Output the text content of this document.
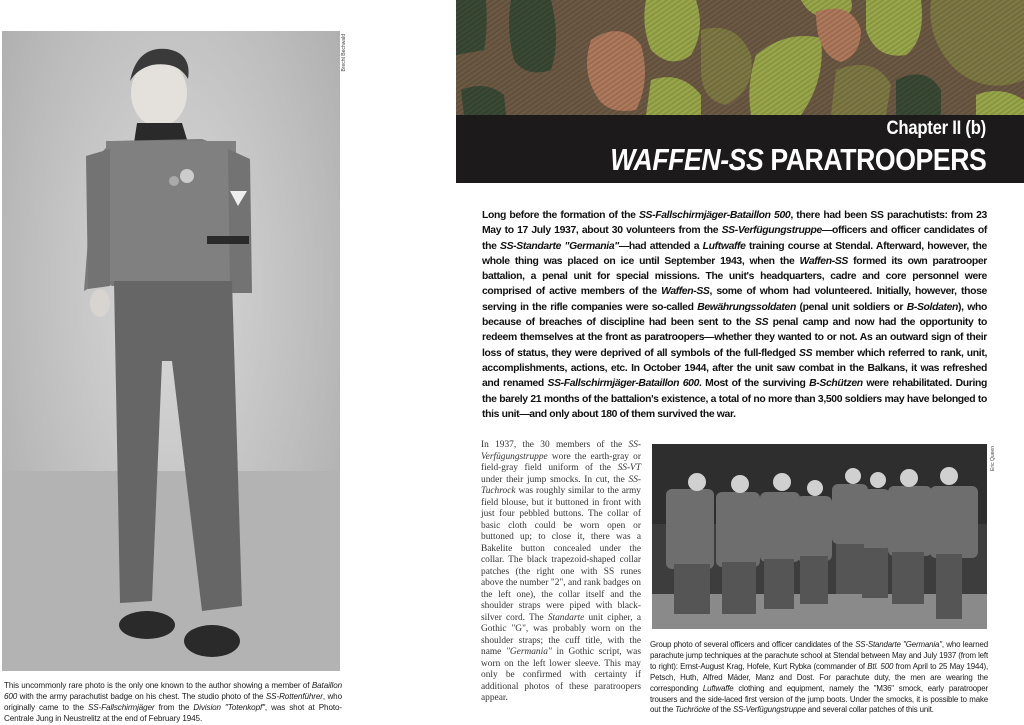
Brecht Bechwald
This uncommonly rare photo is the only one known to the author showing a member of Bataillon 600 with the army parachutist badge on his chest. The studio photo of the SS-Rottenführer, who originally came to the SS-Fallschirmjäger from the Division "Totenkopf", was shot at Photo-Centrale Jung in Neustrelitz at the end of February 1945.
Chapter II (b)
WAFFEN-SS PARATROOPERS
Long before the formation of the SS-Fallschirmjäger-Bataillon 500, there had been SS parachutists: from 23 May to 17 July 1937, about 30 volunteers from the SS-Verfügungstruppe—officers and officer candidates of the SS-Standarte "Germania"—had attended a Luftwaffe training course at Stendal. Afterward, however, the whole thing was placed on ice until September 1943, when the Waffen-SS formed its own paratrooper battalion, a penal unit for special missions. The unit's headquarters, cadre and core personnel were comprised of active members of the Waffen-SS, some of whom had volunteered. Initially, however, those serving in the rifle companies were so-called Bewährungssoldaten (penal unit soldiers or B-Soldaten), who because of breaches of discipline had been sent to the SS penal camp and now had the opportunity to redeem themselves at the front as paratroopers—whether they wanted to or not. As an outward sign of their loss of status, they were deprived of all symbols of the full-fledged SS member which referred to rank, unit, accomplishments, actions, etc. In October 1944, after the unit saw combat in the Balkans, it was refreshed and renamed SS-Fallschirmjäger-Bataillon 600. Most of the surviving B-Schützen were rehabilitated. During the barely 21 months of the battalion's existence, a total of no more than 3,500 soldiers may have belonged to this unit—and only about 180 of them survived the war.
In 1937, the 30 members of the SS-Verfügungstruppe wore the earth-gray or field-gray field uniform of the SS-VT under their jump smocks. In cut, the SS-Tuchrock was roughly similar to the army field blouse, but it buttoned in front with just four pebbled buttons. The collar of basic cloth could be worn open or buttoned up; to close it, there was a Bakelite button concealed under the collar. The black trapezoid-shaped collar patches (the right one with SS runes above the number "2", and rank badges on the left one), the collar itself and the shoulder straps were piped with black-silver cord. The Standarte unit cipher, a Gothic "G", was probably worn on the shoulder straps; the cuff title, with the name "Germania" in Gothic script, was worn on the left lower sleeve. This may only be confirmed with certainty if additional photos of these paratroopers appear.
Eric Queen
Group photo of several officers and officer candidates of the SS-Standarte "Germania", who learned parachute jump techniques at the parachute school at Stendal between May and July 1937 (from left to right): Ernst-August Krag, Hofele, Kurt Rybka (commander of Btl. 500 from April to 25 May 1944), Petsch, Huth, Alfred Mäder, Manz and Dost. For parachute duty, the men are wearing the corresponding Luftwaffe clothing and equipment, namely the "M36" smock, early paratrooper trousers and the side-laced first version of the jump boots. Under the smocks, it is possible to make out the Tuchröcke of the SS-Verfügungstruppe and several collar patches of this unit.
